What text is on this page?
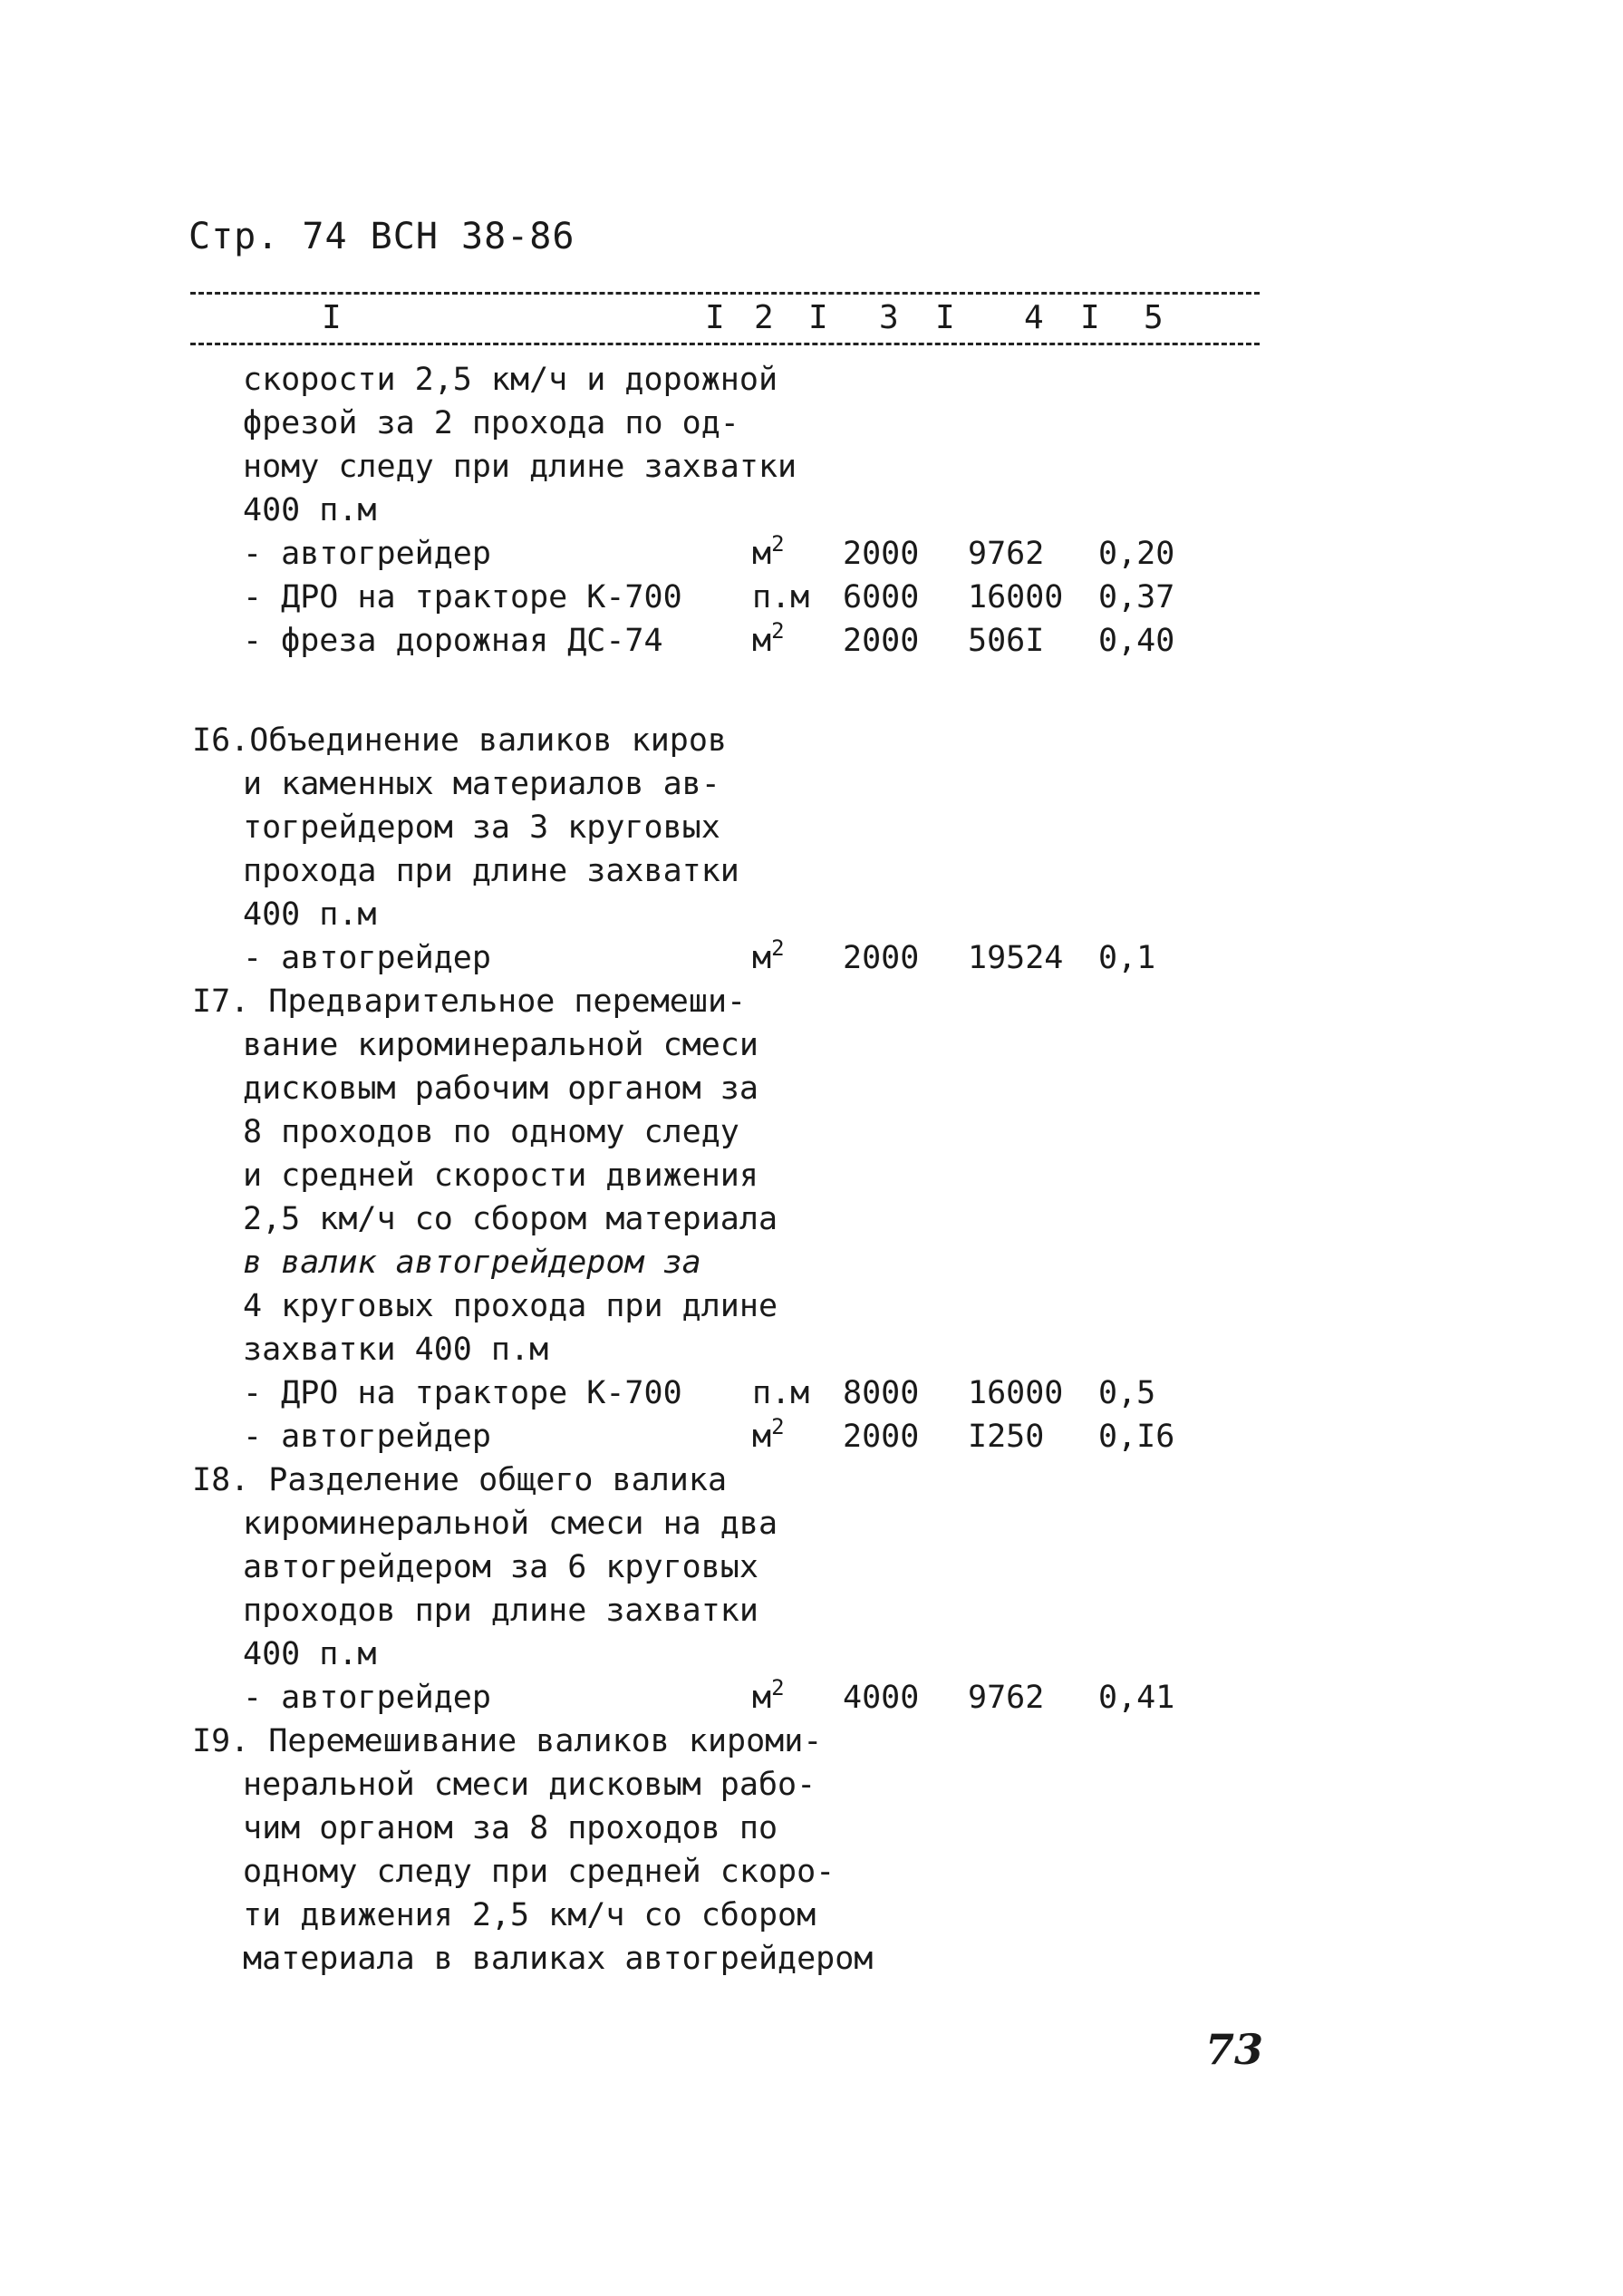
Стр. 74 ВСН 38-86
I	I 2 I 3 I 4 I 5
скорости 2,5 км/ч и дорожной
фрезой за 2 прохода по од-
ному следу при длине захватки
400 п.м
- автогрейдер	$м^2$ 2000 9762 0,20
- ДРО на тракторе К-700 п.м 6000 16000 0,37
- фреза дорожная ДС-74	$м^2$ 2000 506I 0,40
I6.Объединение валиков киров
и каменных материалов ав-
тогрейдером за 3 круговых
прохода при длине захватки
400 п.м
- автогрейдер	$м^2$ 2000 19524 0,1
I7. Предварительное перемеши-
вание кироминеральной смеси
дисковым рабочим органом за
8 проходов по одному следу
и средней скорости движения
2,5 км/ч со сбором материала
в валик автогрейдером за
4 круговых прохода при длине
захватки 400 п.м
- ДРО на тракторе К-700 п.м 8000 16000 0,5
- автогрейдер	$м^2$ 2000 I250 0,I6
I8. Разделение общего валика
кироминеральной смеси на два
автогрейдером за 6 круговых
проходов при длине захватки
400 п.м
- автогрейдер	$м^2$ 4000 9762 0,41
I9. Перемешивание валиков кироми-
неральной смеси дисковым рабо-
чим органом за 8 проходов по
одному следу при средней скоро-
ти движения 2,5 км/ч со сбором
материала в валиках автогрейдером
73
